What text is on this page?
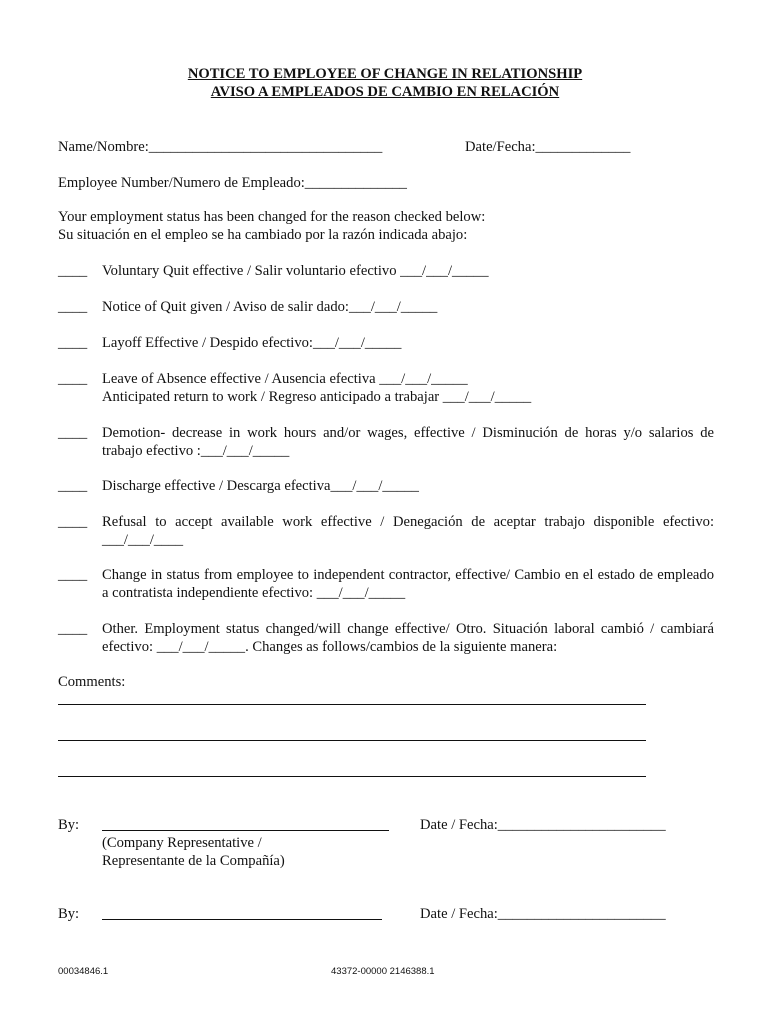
NOTICE TO EMPLOYEE OF CHANGE IN RELATIONSHIP
AVISO A EMPLEADOS DE CAMBIO EN RELACIÓN
Name/Nombre:________________________________	Date/Fecha:_____________
Employee Number/Numero de Empleado:______________
Your employment status has been changed for the reason checked below:
Su situación en el empleo se ha cambiado por la razón indicada abajo:
____ Voluntary Quit effective / Salir voluntario efectivo ___/___/_____
____ Notice of Quit given / Aviso de salir dado:___/___/_____
____ Layoff Effective / Despido efectivo:___/___/_____
____ Leave of Absence effective / Ausencia efectiva ___/___/_____
Anticipated return to work / Regreso anticipado a trabajar ___/___/_____
____ Demotion- decrease in work hours and/or wages, effective / Disminución de horas y/o salarios de trabajo efectivo :___/___/_____
____ Discharge effective / Descarga efectiva___/___/_____
____ Refusal to accept available work effective / Denegación de aceptar trabajo disponible efectivo: ___/___/____
____ Change in status from employee to independent contractor, effective/ Cambio en el estado de empleado a contratista independiente efectivo: ___/___/_____
____ Other. Employment status changed/will change effective/ Otro. Situación laboral cambió / cambiará efectivo: ___/___/_____. Changes as follows/cambios de la siguiente manera:
Comments:
By:	Date / Fecha:_______________________
(Company Representative /
Representante de la Compañía)
By:	Date / Fecha:_______________________
00034846.1	43372-00000 2146388.1
